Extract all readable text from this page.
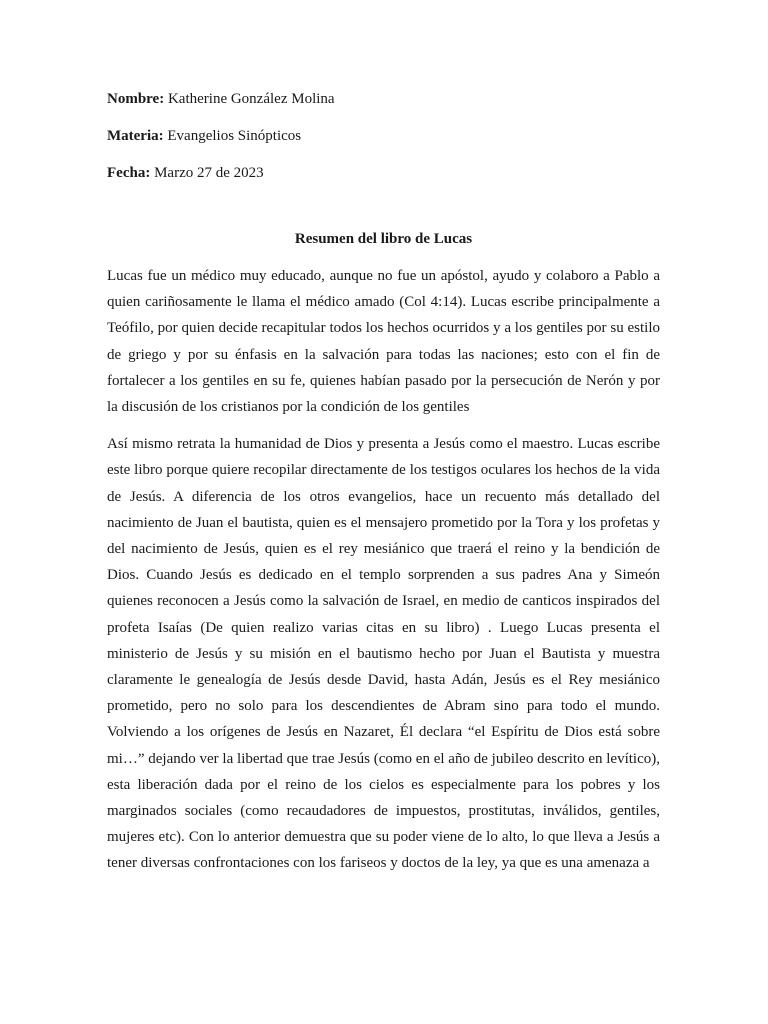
Nombre: Katherine González Molina

Materia: Evangelios Sinópticos

Fecha: Marzo 27 de 2023

Resumen del libro de Lucas

Lucas fue un médico muy educado, aunque no fue un apóstol, ayudo y colaboro a Pablo a quien cariñosamente le llama el médico amado (Col 4:14). Lucas escribe principalmente a Teófilo, por quien decide recapitular todos los hechos ocurridos y a los gentiles por su estilo de griego y por su énfasis en la salvación para todas las naciones; esto con el fin de fortalecer a los gentiles en su fe, quienes habían pasado por la persecución de Nerón y por la discusión de los cristianos por la condición de los gentiles

Así mismo retrata la humanidad de Dios y presenta a Jesús como el maestro. Lucas escribe este libro porque quiere recopilar directamente de los testigos oculares los hechos de la vida de Jesús. A diferencia de los otros evangelios, hace un recuento más detallado del nacimiento de Juan el bautista, quien es el mensajero prometido por la Tora y los profetas y del nacimiento de Jesús, quien es el rey mesiánico que traerá el reino y la bendición de Dios. Cuando Jesús es dedicado en el templo sorprenden a sus padres Ana y Simeón quienes reconocen a Jesús como la salvación de Israel, en medio de canticos inspirados del profeta Isaías (De quien realizo varias citas en su libro) . Luego Lucas presenta el ministerio de Jesús y su misión en el bautismo hecho por Juan el Bautista y muestra claramente le genealogía de Jesús desde David, hasta Adán, Jesús es el Rey mesiánico prometido, pero no solo para los descendientes de Abram sino para todo el mundo. Volviendo a los orígenes de Jesús en Nazaret, Él declara “el Espíritu de Dios está sobre mi…” dejando ver la libertad que trae Jesús (como en el año de jubileo descrito en levítico), esta liberación dada por el reino de los cielos es especialmente para los pobres y los marginados sociales (como recaudadores de impuestos, prostitutas, inválidos, gentiles, mujeres etc). Con lo anterior demuestra que su poder viene de lo alto, lo que lleva a Jesús a tener diversas confrontaciones con los fariseos y doctos de la ley, ya que es una amenaza a
